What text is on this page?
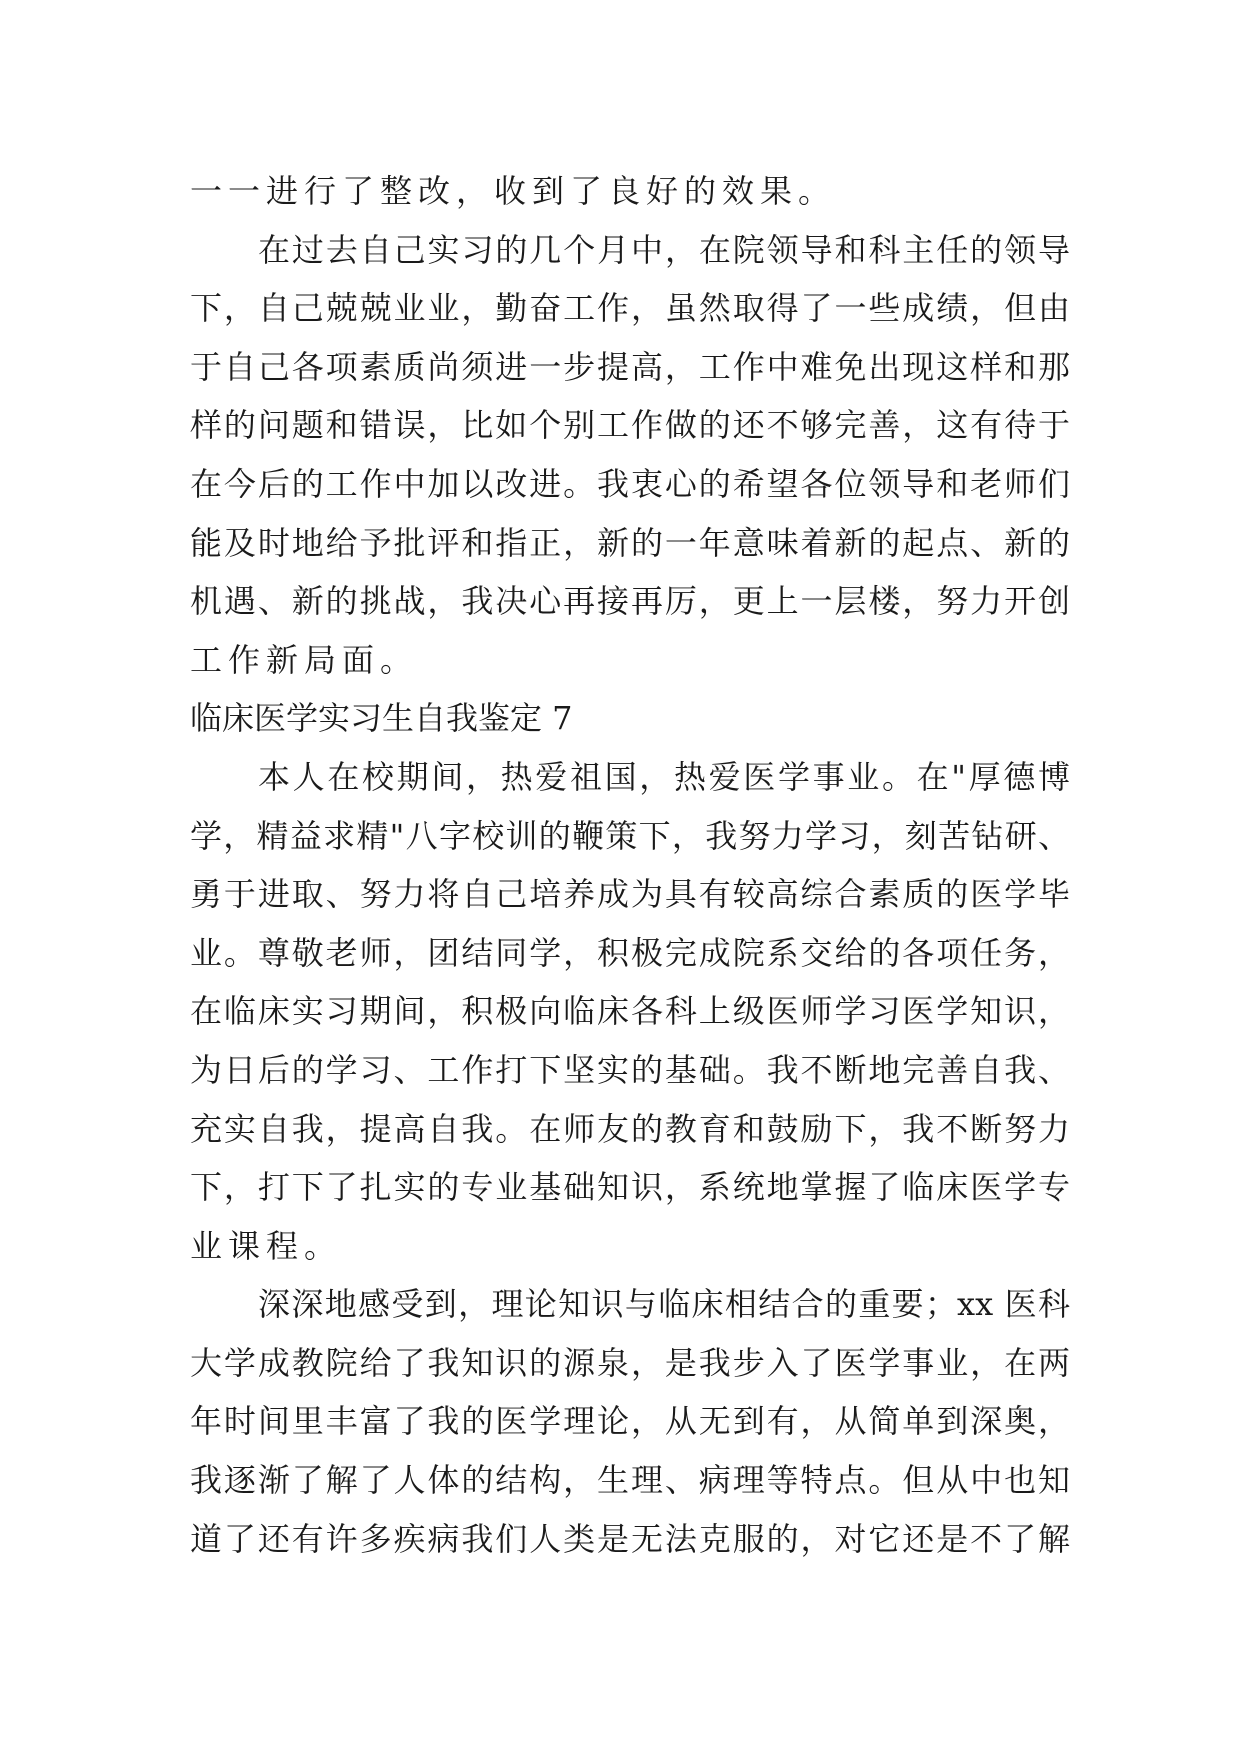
一一进行了整改，收到了良好的效果。
在过去自己实习的几个月中，在院领导和科主任的领导
下，自己兢兢业业，勤奋工作，虽然取得了一些成绩，但由
于自己各项素质尚须进一步提高，工作中难免出现这样和那
样的问题和错误，比如个别工作做的还不够完善，这有待于
在今后的工作中加以改进。我衷心的希望各位领导和老师们
能及时地给予批评和指正，新的一年意味着新的起点、新的
机遇、新的挑战，我决心再接再厉，更上一层楼，努力开创
工作新局面。
临床医学实习生自我鉴定 7
本人在校期间，热爱祖国，热爱医学事业。在"厚德博
学，精益求精"八字校训的鞭策下，我努力学习，刻苦钻研、
勇于进取、努力将自己培养成为具有较高综合素质的医学毕
业。尊敬老师，团结同学，积极完成院系交给的各项任务，
在临床实习期间，积极向临床各科上级医师学习医学知识，
为日后的学习、工作打下坚实的基础。我不断地完善自我、
充实自我，提高自我。在师友的教育和鼓励下，我不断努力
下，打下了扎实的专业基础知识，系统地掌握了临床医学专
业课程。
深深地感受到，理论知识与临床相结合的重要；xx 医科
大学成教院给了我知识的源泉，是我步入了医学事业，在两
年时间里丰富了我的医学理论，从无到有，从简单到深奥，
我逐渐了解了人体的结构，生理、病理等特点。但从中也知
道了还有许多疾病我们人类是无法克服的，对它还是不了解
